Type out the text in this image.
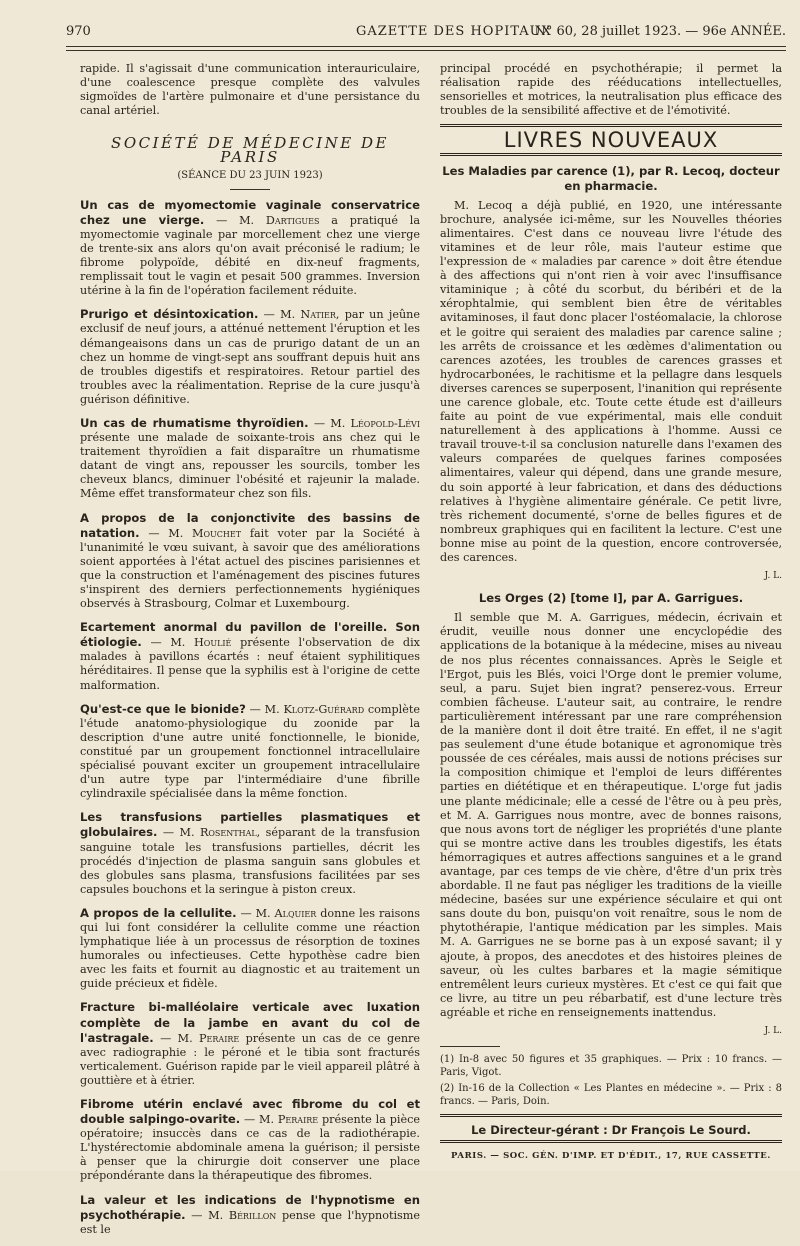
970	GAZETTE DES HOPITAUX
N° 60, 28 juillet 1923. — 96e ANNÉE.

rapide. Il s'agissait d'une communication interauriculaire, d'une coalescence presque complète des valvules sigmoïdes de l'artère pulmonaire et d'une persistance du canal artériel.

SOCIÉTÉ DE MÉDECINE DE PARIS
(SÉANCE DU 23 JUIN 1923)
Un cas de myomectomie vaginale conservatrice chez une vierge. — M. Dartigues a pratiqué la myomectomie vaginale par morcellement chez une vierge de trente-six ans alors qu'on avait préconisé le radium; le fibrome polypoïde, débité en dix-neuf fragments, remplissait tout le vagin et pesait 500 grammes. Inversion utérine à la fin de l'opération facilement réduite.
Prurigo et désintoxication. — M. Natier, par un jeûne exclusif de neuf jours, a atténué nettement l'éruption et les démangeaisons dans un cas de prurigo datant de un an chez un homme de vingt-sept ans souffrant depuis huit ans de troubles digestifs et respiratoires. Retour partiel des troubles avec la réalimentation. Reprise de la cure jusqu'à guérison définitive.
Un cas de rhumatisme thyroïdien. — M. Léopold-Lévi présente une malade de soixante-trois ans chez qui le traitement thyroïdien a fait disparaître un rhumatisme datant de vingt ans, repousser les sourcils, tomber les cheveux blancs, diminuer l'obésité et rajeunir la malade. Même effet transformateur chez son fils.
A propos de la conjonctivite des bassins de natation. — M. Mouchet fait voter par la Société à l'unanimité le vœu suivant, à savoir que des améliorations soient apportées à l'état actuel des piscines parisiennes et que la construction et l'aménagement des piscines futures s'inspirent des derniers perfectionnements hygiéniques observés à Strasbourg, Colmar et Luxembourg.
Ecartement anormal du pavillon de l'oreille. Son étiologie. — M. Houlié présente l'observation de dix malades à pavillons écartés : neuf étaient syphilitiques héréditaires. Il pense que la syphilis est à l'origine de cette malformation.
Qu'est-ce que le bionide? — M. Klotz-Guérard complète l'étude anatomo-physiologique du zoonide par la description d'une autre unité fonctionnelle, le bionide, constitué par un groupement fonctionnel intracellulaire spécialisé pouvant exciter un groupement intracellulaire d'un autre type par l'intermédiaire d'une fibrille cylindraxile spécialisée dans la même fonction.
Les transfusions partielles plasmatiques et globulaires. — M. Rosenthal, séparant de la transfusion sanguine totale les transfusions partielles, décrit les procédés d'injection de plasma sanguin sans globules et des globules sans plasma, transfusions facilitées par ses capsules bouchons et la seringue à piston creux.
A propos de la cellulite. — M. Alquier donne les raisons qui lui font considérer la cellulite comme une réaction lymphatique liée à un processus de résorption de toxines humorales ou infectieuses. Cette hypothèse cadre bien avec les faits et fournit au diagnostic et au traitement un guide précieux et fidèle.
Fracture bi-malléolaire verticale avec luxation complète de la jambe en avant du col de l'astragale. — M. Peraire présente un cas de ce genre avec radiographie : le péroné et le tibia sont fracturés verticalement. Guérison rapide par le vieil appareil plâtré à gouttière et à étrier.
Fibrome utérin enclavé avec fibrome du col et double salpingo-ovarite. — M. Peraire présente la pièce opératoire; insuccès dans ce cas de la radiothérapie. L'hystérectomie abdominale amena la guérison; il persiste à penser que la chirurgie doit conserver une place prépondérante dans la thérapeutique des fibromes.
La valeur et les indications de l'hypnotisme en psychothérapie. — M. Bérillon pense que l'hypnotisme est le

principal procédé en psychothérapie; il permet la réalisation rapide des rééducations intellectuelles, sensorielles et motrices, la neutralisation plus efficace des troubles de la sensibilité affective et de l'émotivité.

LIVRES NOUVEAUX
Les Maladies par carence (1), par R. Lecoq, docteur en pharmacie.

M. Lecoq a déjà publié, en 1920, une intéressante brochure, analysée ici-même, sur les Nouvelles théories alimentaires. C'est dans ce nouveau livre l'étude des vitamines et de leur rôle, mais l'auteur estime que l'expression de « maladies par carence » doit être étendue à des affections qui n'ont rien à voir avec l'insuffisance vitaminique ; à côté du scorbut, du béribéri et de la xérophtalmie, qui semblent bien être de véritables avitaminoses, il faut donc placer l'ostéomalacie, la chlorose et le goitre qui seraient des maladies par carence saline ; les arrêts de croissance et les œdèmes d'alimentation ou carences azotées, les troubles de carences grasses et hydrocarbonées, le rachitisme et la pellagre dans lesquels diverses carences se superposent, l'inanition qui représente une carence globale, etc. Toute cette étude est d'ailleurs faite au point de vue expérimental, mais elle conduit naturellement à des applications à l'homme. Aussi ce travail trouve-t-il sa conclusion naturelle dans l'examen des valeurs comparées de quelques farines composées alimentaires, valeur qui dépend, dans une grande mesure, du soin apporté à leur fabrication, et dans des déductions relatives à l'hygiène alimentaire générale. Ce petit livre, très richement documenté, s'orne de belles figures et de nombreux graphiques qui en facilitent la lecture. C'est une bonne mise au point de la question, encore controversée, des carences.

J. L.
Les Orges (2) [tome I], par A. Garrigues.

Il semble que M. A. Garrigues, médecin, écrivain et érudit, veuille nous donner une encyclopédie des applications de la botanique à la médecine, mises au niveau de nos plus récentes connaissances. Après le Seigle et l'Ergot, puis les Blés, voici l'Orge dont le premier volume, seul, a paru. Sujet bien ingrat? penserez-vous. Erreur combien fâcheuse. L'auteur sait, au contraire, le rendre particulièrement intéressant par une rare compréhension de la manière dont il doit être traité. En effet, il ne s'agit pas seulement d'une étude botanique et agronomique très poussée de ces céréales, mais aussi de notions précises sur la composition chimique et l'emploi de leurs différentes parties en diététique et en thérapeutique. L'orge fut jadis une plante médicinale; elle a cessé de l'être ou à peu près, et M. A. Garrigues nous montre, avec de bonnes raisons, que nous avons tort de négliger les propriétés d'une plante qui se montre active dans les troubles digestifs, les états hémorragiques et autres affections sanguines et a le grand avantage, par ces temps de vie chère, d'être d'un prix très abordable. Il ne faut pas négliger les traditions de la vieille médecine, basées sur une expérience séculaire et qui ont sans doute du bon, puisqu'on voit renaître, sous le nom de phytothérapie, l'antique médication par les simples. Mais M. A. Garrigues ne se borne pas à un exposé savant; il y ajoute, à propos, des anecdotes et des histoires pleines de saveur, où les cultes barbares et la magie sémitique entremêlent leurs curieux mystères. Et c'est ce qui fait que ce livre, au titre un peu rébarbatif, est d'une lecture très agréable et riche en renseignements inattendus.

J. L.

(1) In-8 avec 50 figures et 35 graphiques. — Prix : 10 francs. — Paris, Vigot.

(2) In-16 de la Collection « Les Plantes en médecine ». — Prix : 8 francs. — Paris, Doin.

Le Directeur-gérant : Dr François Le Sourd.
PARIS. — SOC. GÉN. D'IMP. ET D'ÉDIT., 17, RUE CASSETTE.
